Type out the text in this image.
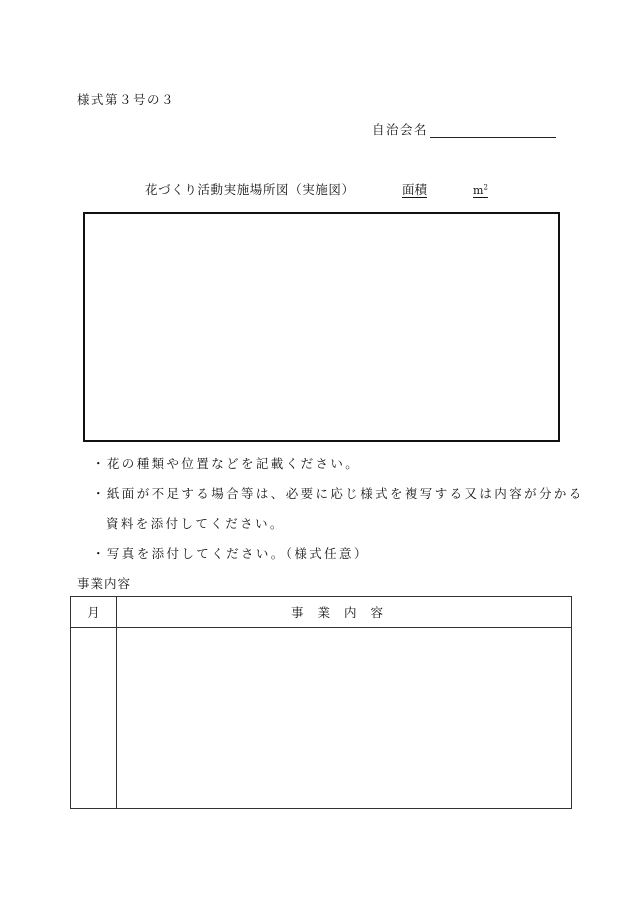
様式第３号の３
自治会名
花づくり活動実施場所図（実施図）	面積	$m^2$
・花の種類や位置などを記載ください。
・紙面が不足する場合等は、必要に応じ様式を複写する又は内容が分かる
資料を添付してください。
・写真を添付してください。（様式任意）
事業内容
月	事業内容
